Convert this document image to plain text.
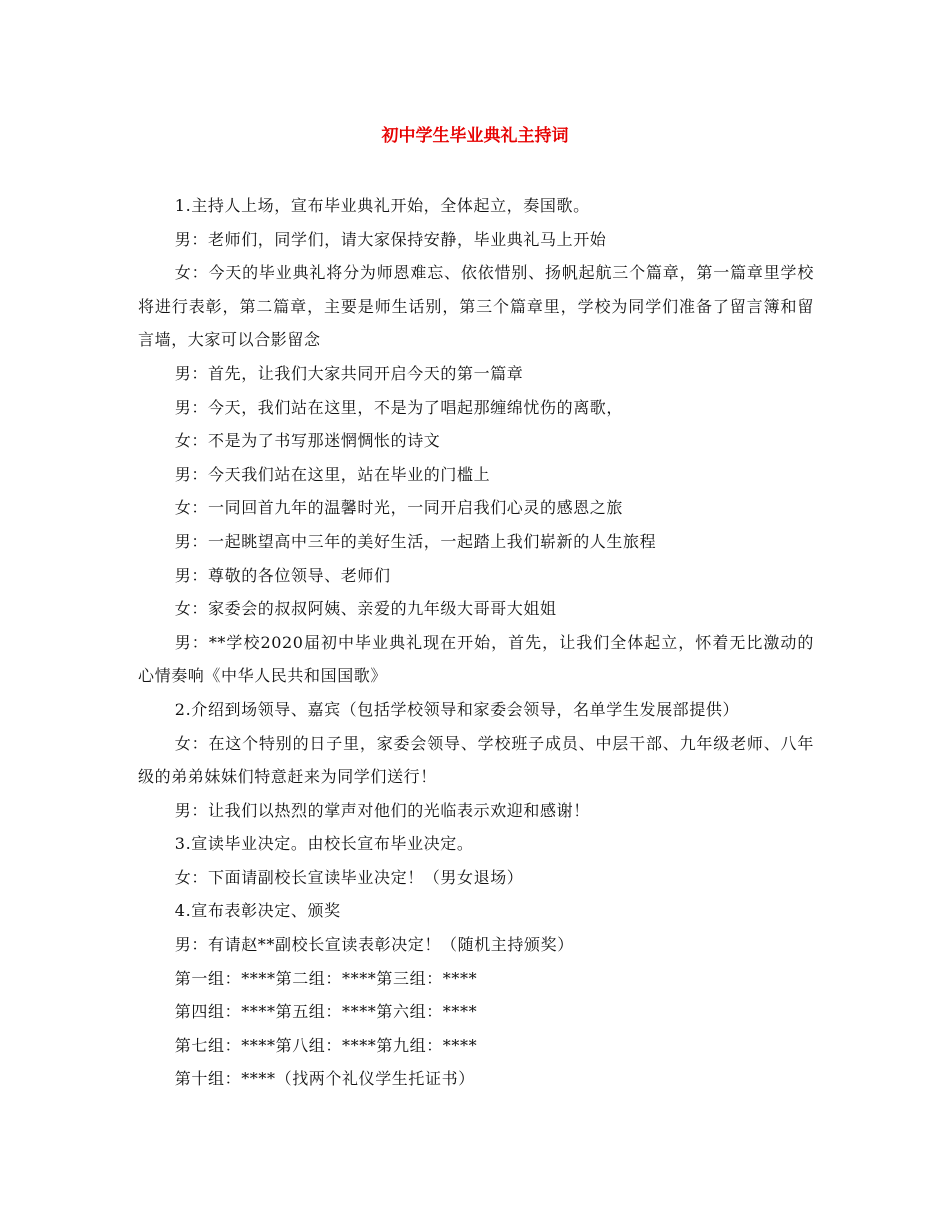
初中学生毕业典礼主持词

1.主持人上场，宣布毕业典礼开始，全体起立，奏国歌。

男：老师们，同学们，请大家保持安静，毕业典礼马上开始

女：今天的毕业典礼将分为师恩难忘、依依惜别、扬帆起航三个篇章，第一篇章里学校将进行表彰，第二篇章，主要是师生话别，第三个篇章里，学校为同学们准备了留言簿和留言墙，大家可以合影留念

男：首先，让我们大家共同开启今天的第一篇章

男：今天，我们站在这里，不是为了唱起那缠绵忧伤的离歌，

女：不是为了书写那迷惘惆怅的诗文

男：今天我们站在这里，站在毕业的门槛上

女：一同回首九年的温馨时光，一同开启我们心灵的感恩之旅

男：一起眺望高中三年的美好生活，一起踏上我们崭新的人生旅程

男：尊敬的各位领导、老师们

女：家委会的叔叔阿姨、亲爱的九年级大哥哥大姐姐

男：**学校2020届初中毕业典礼现在开始，首先，让我们全体起立，怀着无比激动的心情奏响《中华人民共和国国歌》

2.介绍到场领导、嘉宾（包括学校领导和家委会领导，名单学生发展部提供）

女：在这个特别的日子里，家委会领导、学校班子成员、中层干部、九年级老师、八年级的弟弟妹妹们特意赶来为同学们送行！

男：让我们以热烈的掌声对他们的光临表示欢迎和感谢！

3.宣读毕业决定。由校长宣布毕业决定。

女：下面请副校长宣读毕业决定！（男女退场）

4.宣布表彰决定、颁奖

男：有请赵**副校长宣读表彰决定！（随机主持颁奖）

第一组：****第二组：****第三组：****

第四组：****第五组：****第六组：****

第七组：****第八组：****第九组：****

第十组：****（找两个礼仪学生托证书）
